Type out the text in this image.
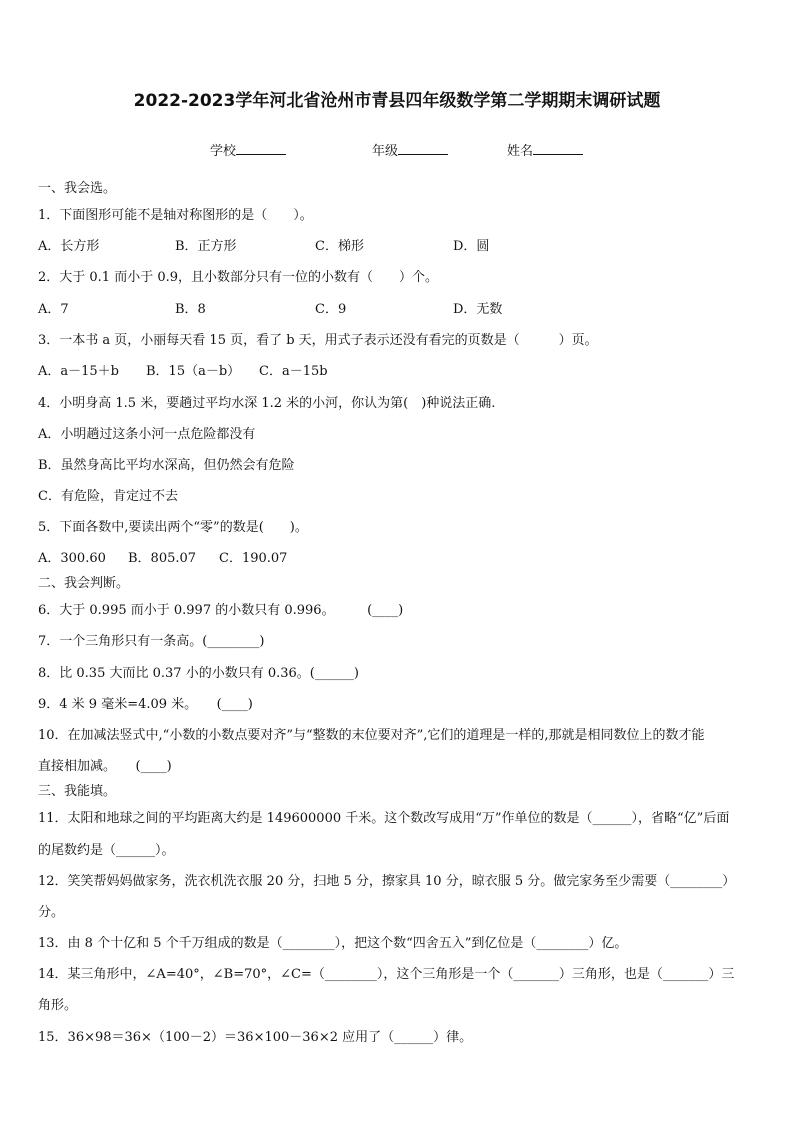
2022-2023学年河北省沧州市青县四年级数学第二学期期末调研试题
学校	年级	姓名
一、我会选。
1．下面图形可能不是轴对称图形的是（　　）。
A．长方形	B．正方形	C．梯形	D．圆
2．大于 0.1 而小于 0.9，且小数部分只有一位的小数有（　　）个。
A．7	B．8	C．9	D．无数
3．一本书 a 页，小丽每天看 15 页，看了 b 天，用式子表示还没有看完的页数是（　　　）页。
A．a－15＋b B．15（a－b） C．a－15b
4．小明身高 1.5 米，要趟过平均水深 1.2 米的小河，你认为第(　)种说法正确.
A．小明趟过这条小河一点危险都没有
B．虽然身高比平均水深高，但仍然会有危险
C．有危险，肯定过不去
5．下面各数中,要读出两个“零”的数是(　　)。
A．300.60 B．805.07 C．190.07
二、我会判断。
6．大于 0.995 而小于 0.997 的小数只有 0.996。　　　(____)
7．一个三角形只有一条高。(________)
8．比 0.35 大而比 0.37 小的小数只有 0.36。(______)
9．4 米 9 毫米=4.09 米。　　(____)
10．在加减法竖式中,“小数的小数点要对齐”与“整数的末位要对齐”,它们的道理是一样的,那就是相同数位上的数才能
直接相加减。　　(____)
三、我能填。
11．太阳和地球之间的平均距离大约是 149600000 千米。这个数改写成用“万”作单位的数是（______），省略“亿”后面
的尾数约是（______）。
12．笑笑帮妈妈做家务，洗衣机洗衣服 20 分，扫地 5 分，擦家具 10 分，晾衣服 5 分。做完家务至少需要（________）
分。
13．由 8 个十亿和 5 个千万组成的数是（________），把这个数“四舍五入”到亿位是（________）亿。
14．某三角形中，∠A=40°，∠B=70°，∠C=（________），这个三角形是一个（_______）三角形，也是（_______）三
角形。
15．36×98＝36×（100－2）＝36×100－36×2 应用了（______）律。
